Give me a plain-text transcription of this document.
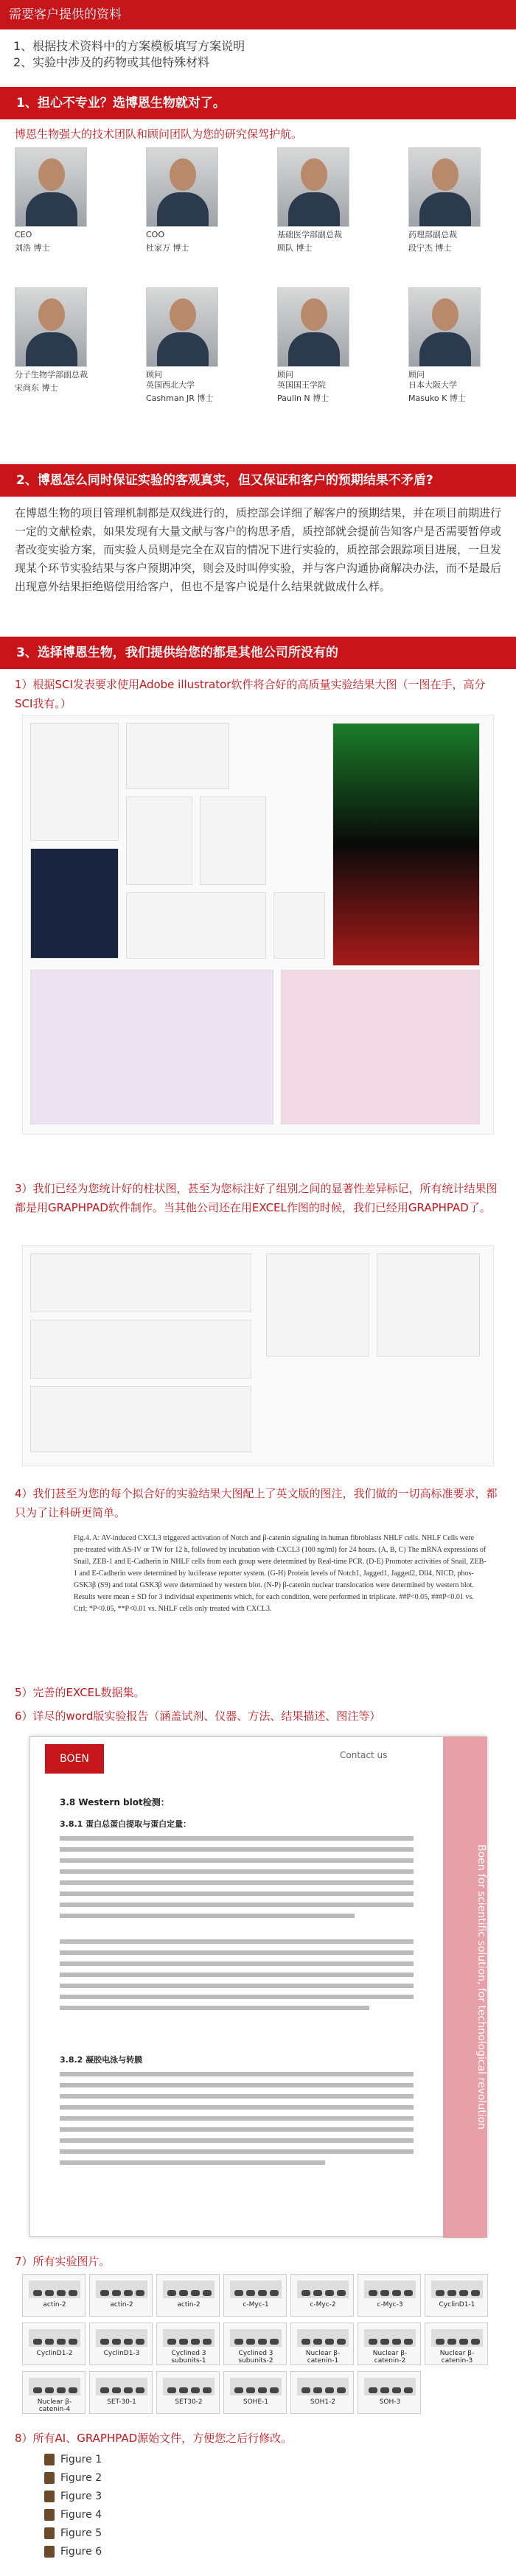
需要客户提供的资料
1、根据技术资料中的方案模板填写方案说明
2、实验中涉及的药物或其他特殊材料
1、担心不专业？选博恩生物就对了。
博恩生物强大的技术团队和顾问团队为您的研究保驾护航。
CEO
刘浩 博士
COO
杜家万 博士
基础医学部副总裁
顾队 博士
药理部副总裁
段宁杰 博士
分子生物学部副总裁
宋尚东 博士
顾问
英国西北大学
Cashman JR 博士
顾问
英国国王学院
Paulin N 博士
顾问
日本大阪大学
Masuko K 博士
2、博恩怎么同时保证实验的客观真实，但又保证和客户的预期结果不矛盾?
在博恩生物的项目管理机制都是双线进行的，质控部会详细了解客户的预期结果，并在项目前期进行一定的文献检索，如果发现有大量文献与客户的构思矛盾，质控部就会提前告知客户是否需要暂停或者改变实验方案，而实验人员则是完全在双盲的情况下进行实验的，质控部会跟踪项目进展，一旦发现某个环节实验结果与客户预期冲突，则会及时叫停实验，并与客户沟通协商解决办法，而不是最后出现意外结果拒绝赔偿用给客户，但也不是客户说是什么结果就做成什么样。
3、选择博恩生物，我们提供给您的都是其他公司所没有的
1）根据SCI发表要求使用Adobe illustrator软件将合好的高质量实验结果大图（一图在手，高分SCI我有。）
3）我们已经为您统计好的柱状图，甚至为您标注好了组别之间的显著性差异标记，所有统计结果图都是用GRAPHPAD软件制作。当其他公司还在用EXCEL作图的时候，我们已经用GRAPHPAD了。
4）我们甚至为您的每个拟合好的实验结果大图配上了英文版的图注，我们做的一切高标准要求，都只为了让科研更简单。
Fig.4. A: AV-induced CXCL3 triggered activation of Notch and β-catenin signaling in human fibroblasts NHLF cells. NHLF Cells were pre-treated with AS-IV or TW for 12 h, followed by incubation with CXCL3 (100 ng/ml) for 24 hours. (A, B, C) The mRNA expressions of Snail, ZEB-1 and E-Cadherin in NHLF cells from each group were determined by Real-time PCR. (D-E) Promoter activities of Snail, ZEB-1 and E-Cadherin were determined by luciferase reporter system. (G-H) Protein levels of Notch1, Jagged1, Jagged2, Dll4, NICD, phos-GSK3β (S9) and total GSK3β were determined by western blot. (N-P) β-catenin nuclear translocation were determined by western blot. Results were mean ± SD for 3 individual experiments which, for each condition, were performed in triplicate. ##P<0.05, ###P<0.01 vs. Ctrl; *P<0.05, **P<0.01 vs. NHLF cells only treated with CXCL3.
5）完善的EXCEL数据集。
6）详尽的word版实验报告（涵盖试剂、仪器、方法、结果描述、图注等）
BOEN	Contact us
3.8 Western blot检测：
3.8.1 蛋白总蛋白提取与蛋白定量：
3.8.2 凝胶电泳与转膜	Boen for scientific solution, for technological revolution
7）所有实验图片。
actin-2	actin-2	actin-2	c-Myc-1	c-Myc-2	c-Myc-3	CyclinD1-1
CyclinD1-2	CyclinD1-3	Cyclined 3 subunits-1
Cyclined 3 subunits-2
Nuclear β-catenin-1
Nuclear β-catenin-2
Nuclear β-catenin-3
Nuclear β-catenin-4
SET-30-1	SET30-2	SOHE-1	SOH1-2	SOH-3
8）所有AI、GRAPHPAD源始文件，方便您之后行修改。
Figure 1
Figure 2
Figure 3
Figure 4
Figure 5
Figure 6
